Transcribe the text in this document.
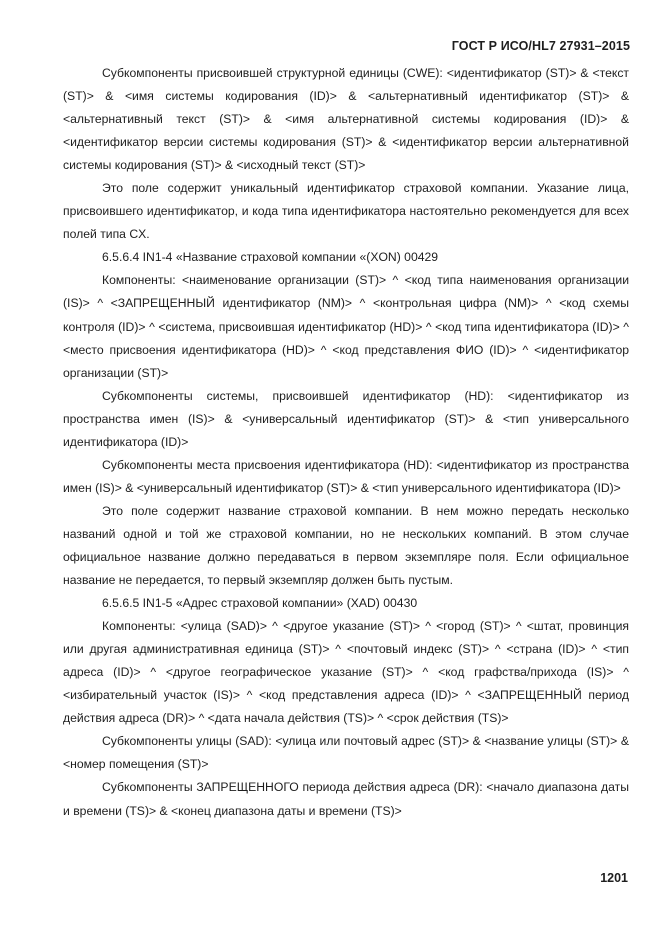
ГОСТ Р ИСО/HL7 27931–2015

Субкомпоненты присвоившей структурной единицы (CWE): <идентификатор (ST)> & <текст (ST)> & <имя системы кодирования (ID)> & <альтернативный идентификатор (ST)> & <альтернативный текст (ST)> & <имя альтернативной системы кодирования (ID)> & <идентификатор версии системы кодирования (ST)> & <идентификатор версии альтернативной системы кодирования (ST)> & <исходный текст (ST)>

Это поле содержит уникальный идентификатор страховой компании. Указание лица, присвоившего идентификатор, и кода типа идентификатора настоятельно рекомендуется для всех полей типа CX.

6.5.6.4 IN1-4 «Название страховой компании «(XON) 00429

Компоненты: <наименование организации (ST)> ^ <код типа наименования организации (IS)> ^ <ЗАПРЕЩЕННЫЙ идентификатор (NM)> ^ <контрольная цифра (NM)> ^ <код схемы контроля (ID)> ^ <система, присвоившая идентификатор (HD)> ^ <код типа идентификатора (ID)> ^ <место присвоения идентификатора (HD)> ^ <код представления ФИО (ID)> ^ <идентификатор организации (ST)>

Субкомпоненты системы, присвоившей идентификатор (HD): <идентификатор из пространства имен (IS)> & <универсальный идентификатор (ST)> & <тип универсального идентификатора (ID)>

Субкомпоненты места присвоения идентификатора (HD): <идентификатор из пространства имен (IS)> & <универсальный идентификатор (ST)> & <тип универсального идентификатора (ID)>

Это поле содержит название страховой компании. В нем можно передать несколько названий одной и той же страховой компании, но не нескольких компаний. В этом случае официальное название должно передаваться в первом экземпляре поля. Если официальное название не передается, то первый экземпляр должен быть пустым.

6.5.6.5 IN1-5 «Адрес страховой компании» (XAD) 00430

Компоненты: <улица (SAD)> ^ <другое указание (ST)> ^ <город (ST)> ^ <штат, провинция или другая административная единица (ST)> ^ <почтовый индекс (ST)> ^ <страна (ID)> ^ <тип адреса (ID)> ^ <другое географическое указание (ST)> ^ <код графства/прихода (IS)> ^ <избирательный участок (IS)> ^ <код представления адреса (ID)> ^ <ЗАПРЕЩЕННЫЙ период действия адреса (DR)> ^ <дата начала действия (TS)> ^ <срок действия (TS)>

Субкомпоненты улицы (SAD): <улица или почтовый адрес (ST)> & <название улицы (ST)> & <номер помещения (ST)>

Субкомпоненты ЗАПРЕЩЕННОГО периода действия адреса (DR): <начало диапазона даты и времени (TS)> & <конец диапазона даты и времени (TS)>

1201
